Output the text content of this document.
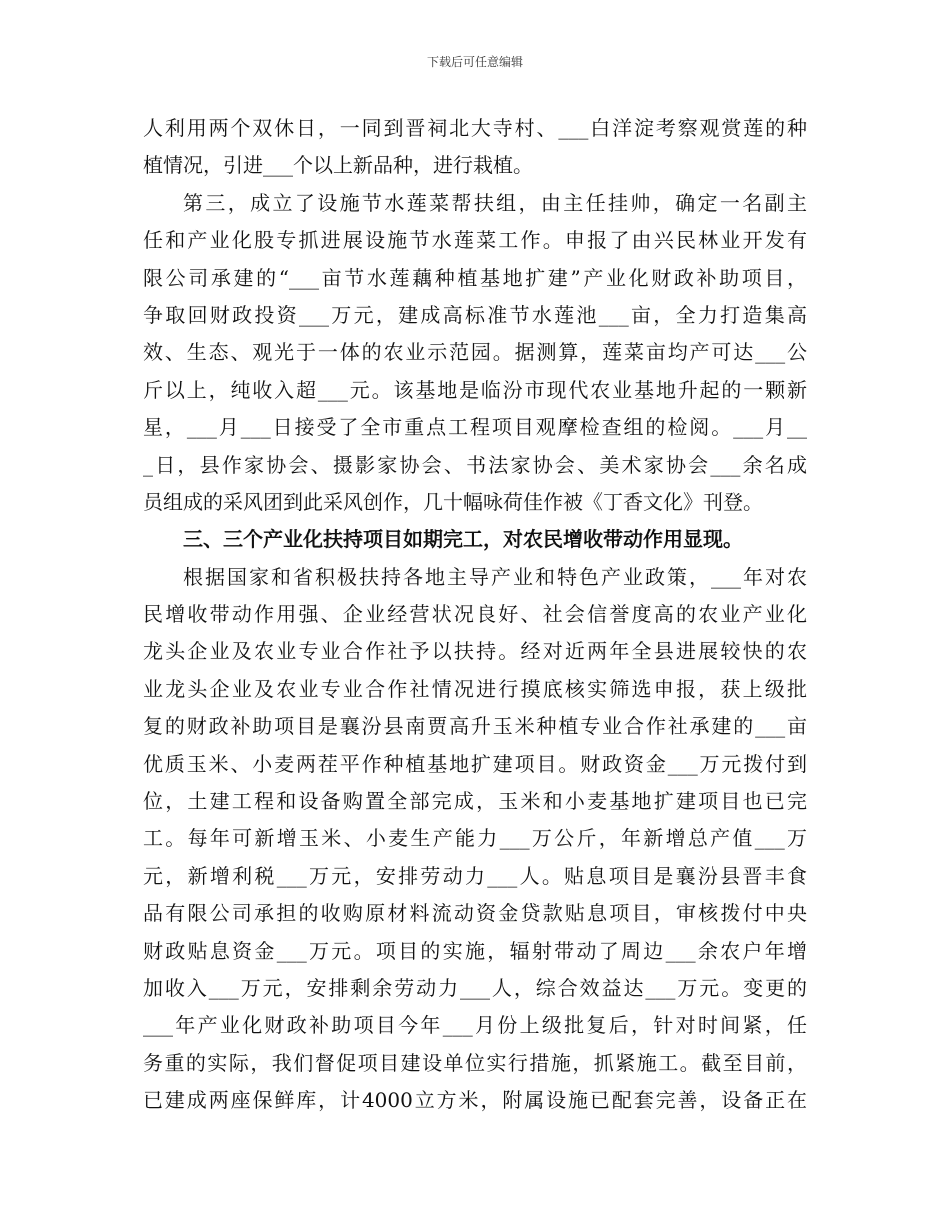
下载后可任意编辑
人利用两个双休日，一同到晋祠北大寺村、___白洋淀考察观赏莲的种
植情况，引进___个以上新品种，进行栽植。
第三，成立了设施节水莲菜帮扶组，由主任挂帅，确定一名副主
任和产业化股专抓进展设施节水莲菜工作。申报了由兴民林业开发有
限公司承建的“___亩节水莲藕种植基地扩建”产业化财政补助项目，
争取回财政投资___万元，建成高标准节水莲池___亩，全力打造集高
效、生态、观光于一体的农业示范园。据测算，莲菜亩均产可达___公
斤以上，纯收入超___元。该基地是临汾市现代农业基地升起的一颗新
星，___月___日接受了全市重点工程项目观摩检查组的检阅。___月__
_日，县作家协会、摄影家协会、书法家协会、美术家协会___余名成
员组成的采风团到此采风创作，几十幅咏荷佳作被《丁香文化》刊登。
三、三个产业化扶持项目如期完工，对农民增收带动作用显现。
根据国家和省积极扶持各地主导产业和特色产业政策，___年对农
民增收带动作用强、企业经营状况良好、社会信誉度高的农业产业化
龙头企业及农业专业合作社予以扶持。经对近两年全县进展较快的农
业龙头企业及农业专业合作社情况进行摸底核实筛选申报，获上级批
复的财政补助项目是襄汾县南贾高升玉米种植专业合作社承建的___亩
优质玉米、小麦两茬平作种植基地扩建项目。财政资金___万元拨付到
位，土建工程和设备购置全部完成，玉米和小麦基地扩建项目也已完
工。每年可新增玉米、小麦生产能力___万公斤，年新增总产值___万
元，新增利税___万元，安排劳动力___人。贴息项目是襄汾县晋丰食
品有限公司承担的收购原材料流动资金贷款贴息项目，审核拨付中央
财政贴息资金___万元。项目的实施，辐射带动了周边___余农户年增
加收入___万元，安排剩余劳动力___人，综合效益达___万元。变更的
___年产业化财政补助项目今年___月份上级批复后，针对时间紧，任
务重的实际，我们督促项目建设单位实行措施，抓紧施工。截至目前，
已建成两座保鲜库，计4000立方米，附属设施已配套完善，设备正在
